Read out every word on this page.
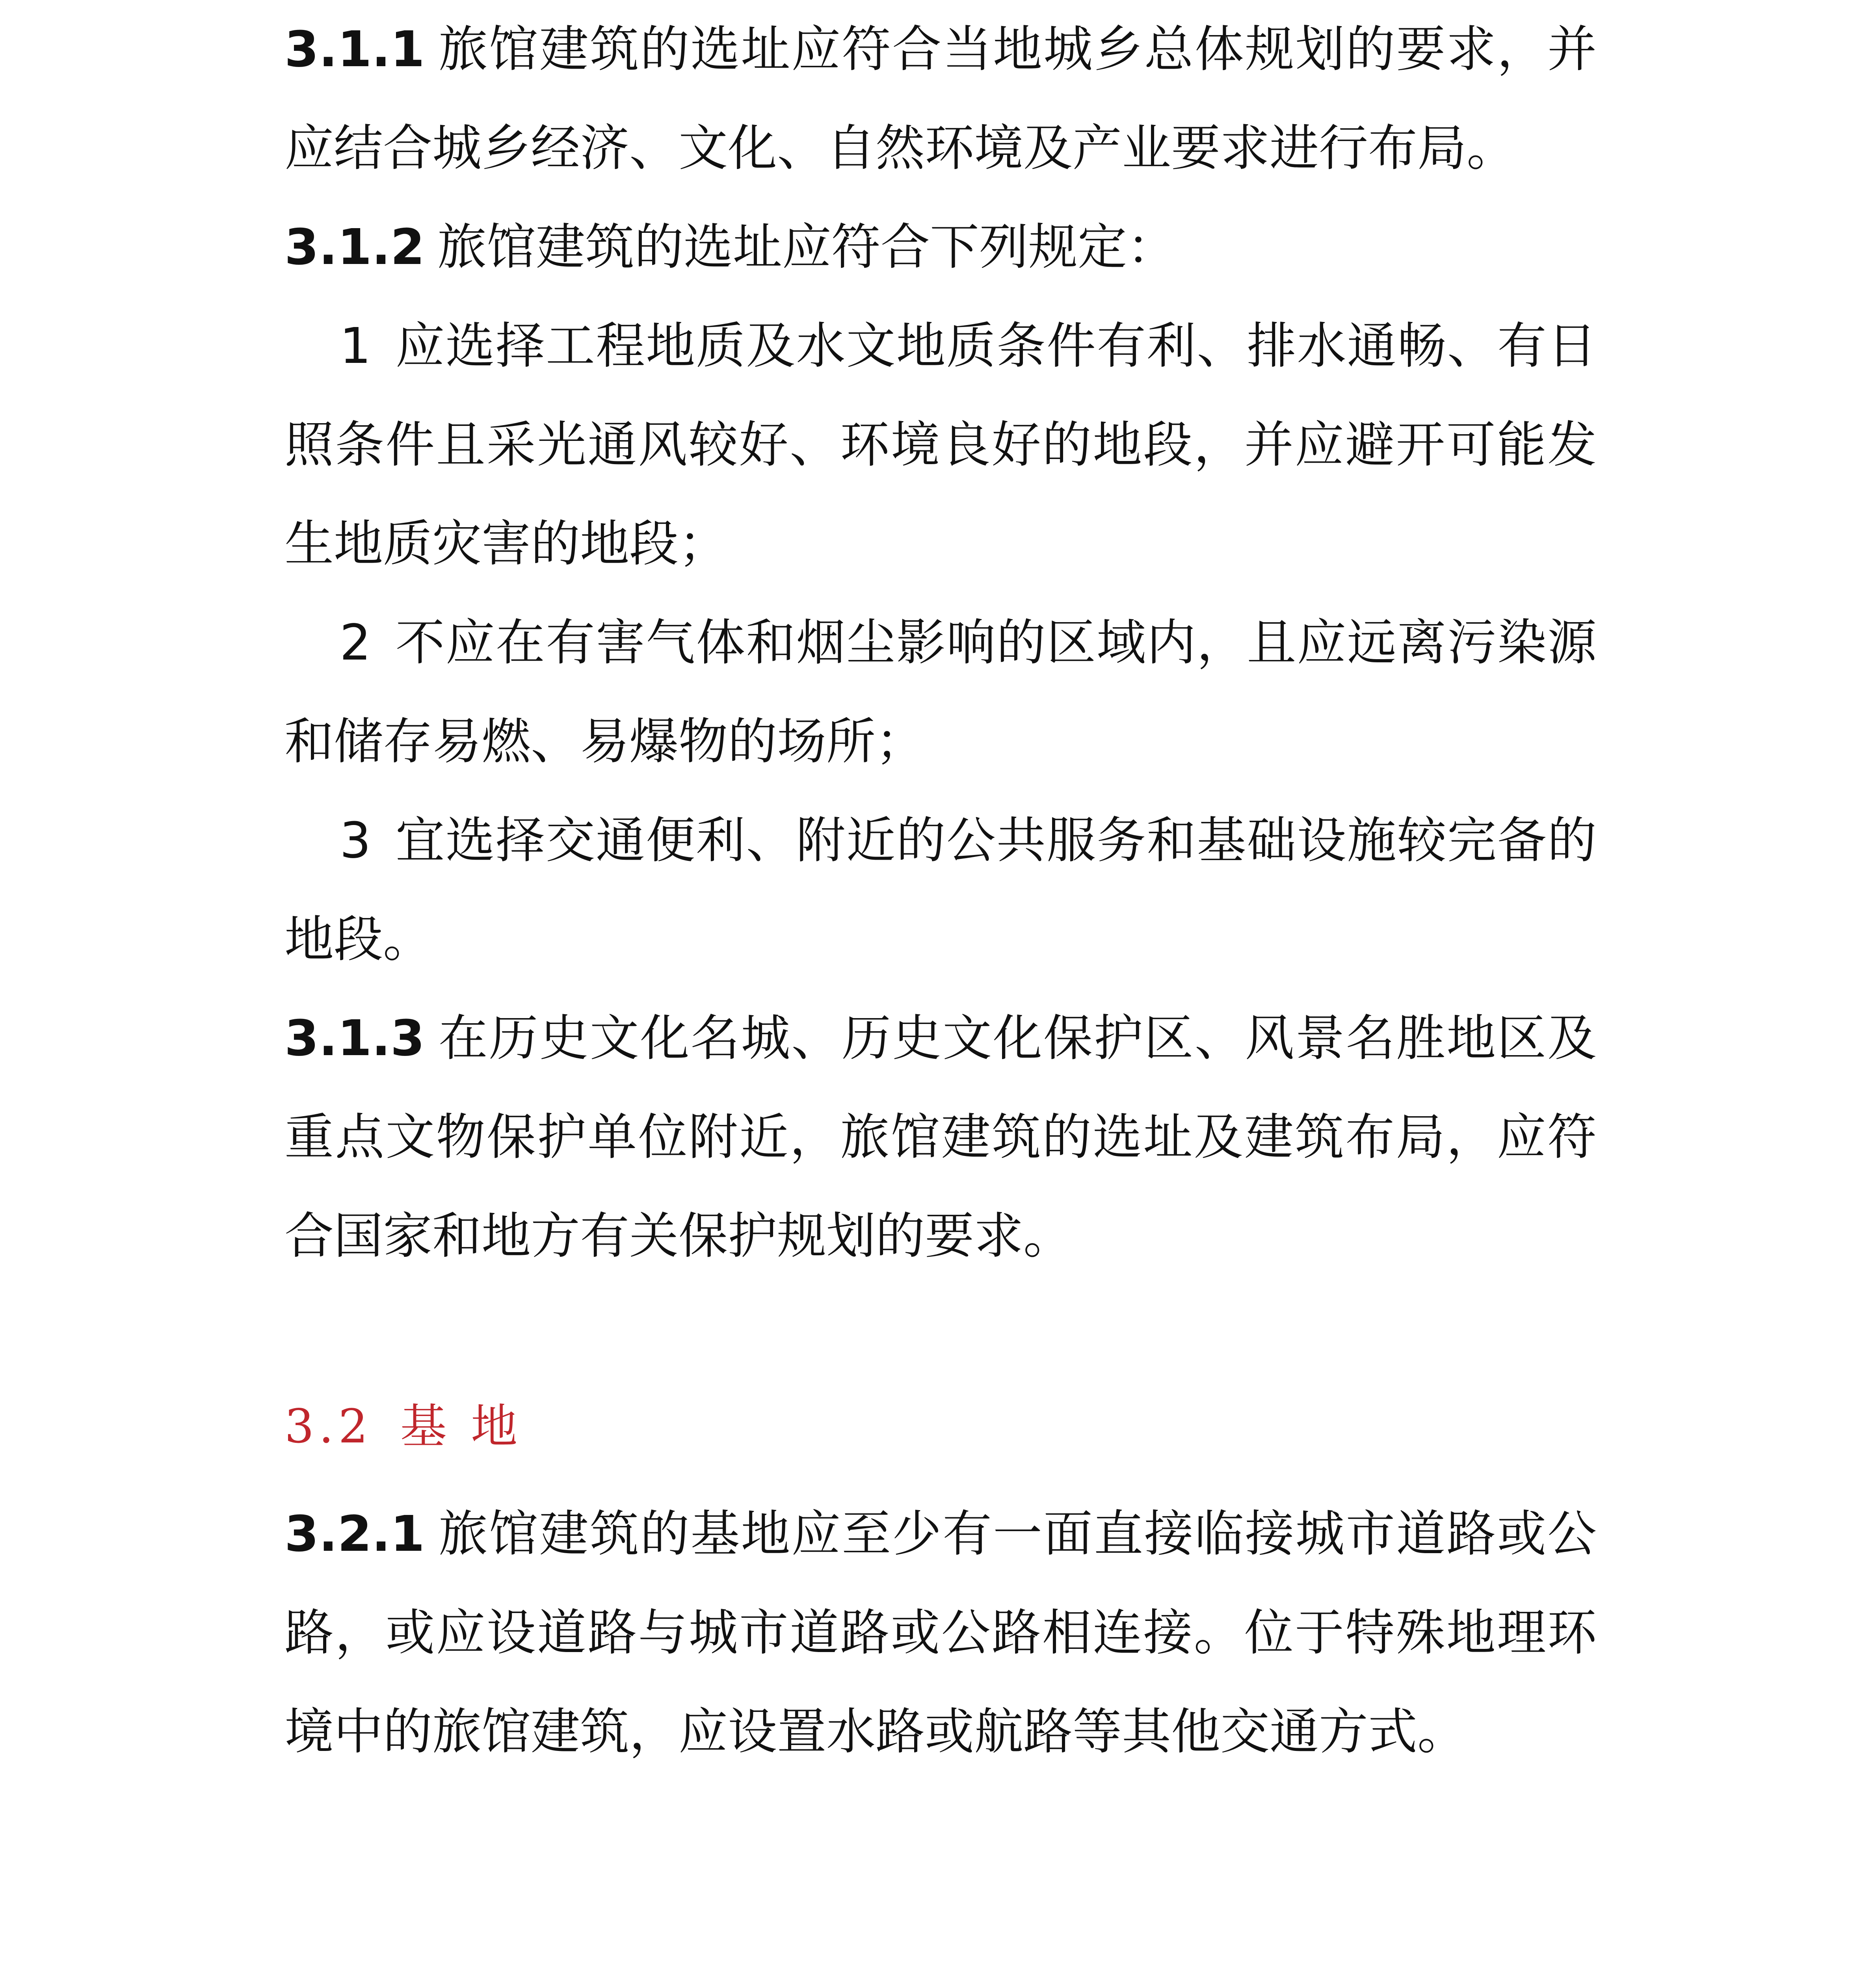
3.1.1 旅馆建筑的选址应符合当地城乡总体规划的要求，并应结合城乡经济、文化、自然环境及产业要求进行布局。

3.1.2 旅馆建筑的选址应符合下列规定：

1 应选择工程地质及水文地质条件有利、排水通畅、有日照条件且采光通风较好、环境良好的地段，并应避开可能发生地质灾害的地段；

2 不应在有害气体和烟尘影响的区域内，且应远离污染源和储存易燃、易爆物的场所；

3 宜选择交通便利、附近的公共服务和基础设施较完备的地段。

3.1.3 在历史文化名城、历史文化保护区、风景名胜地区及重点文物保护单位附近，旅馆建筑的选址及建筑布局，应符合国家和地方有关保护规划的要求。

3.2 基 地

3.2.1 旅馆建筑的基地应至少有一面直接临接城市道路或公路，或应设道路与城市道路或公路相连接。位于特殊地理环境中的旅馆建筑，应设置水路或航路等其他交通方式。
